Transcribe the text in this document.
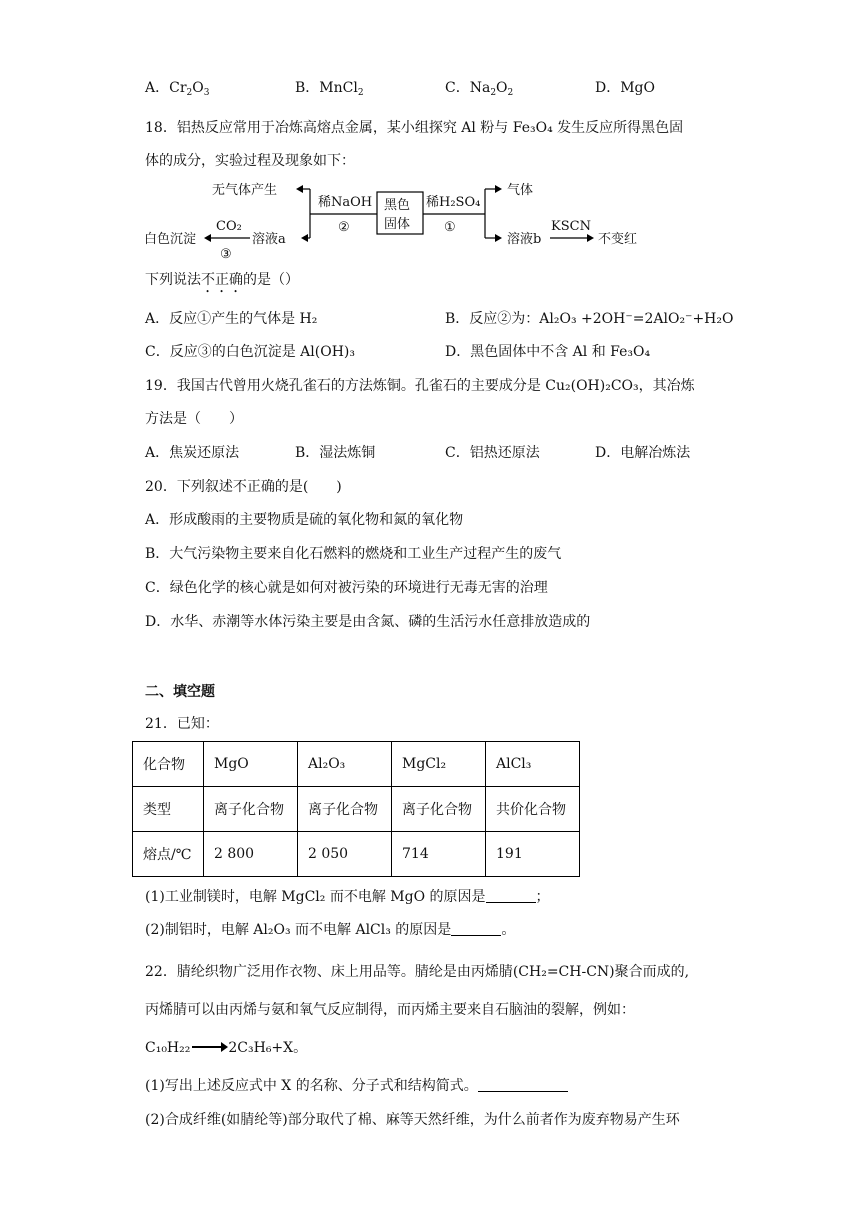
A．$Cr_2O_3$	B．MnCl$_2$	C．$Na_2O_2$	D．MgO
18．铝热反应常用于冶炼高熔点金属，某小组探究 Al 粉与 Fe₃O₄ 发生反应所得黑色固
体的成分，实验过程及现象如下：
无气体产生
稀NaOH
②
黑色
固体
稀H₂SO₄
①
气体
白色沉淀
CO₂
③
溶液a	溶液b
KSCN
不变红
下列说法不正确的是（）
A．反应①产生的气体是 H₂	B．反应②为：Al₂O₃ +2OH⁻=2AlO₂⁻+H₂O
C．反应③的白色沉淀是 Al(OH)₃	D．黑色固体中不含 Al 和 Fe₃O₄
19．我国古代曾用火烧孔雀石的方法炼铜。孔雀石的主要成分是 Cu₂(OH)₂CO₃，其冶炼
方法是（　　）
A．焦炭还原法	B．湿法炼铜	C．铝热还原法	D．电解冶炼法
20．下列叙述不正确的是(　　)
A．形成酸雨的主要物质是硫的氧化物和氮的氧化物
B．大气污染物主要来自化石燃料的燃烧和工业生产过程产生的废气
C．绿色化学的核心就是如何对被污染的环境进行无毒无害的治理
D．水华、赤潮等水体污染主要是由含氮、磷的生活污水任意排放造成的
二、填空题
21．已知：
化合物	MgO	Al₂O₃	MgCl₂	AlCl₃
类型	离子化合物	离子化合物	离子化合物	共价化合物
熔点/℃	2 800	2 050	714	191
(1)工业制镁时，电解 MgCl₂ 而不电解 MgO 的原因是	；
(2)制铝时，电解 Al₂O₃ 而不电解 AlCl₃ 的原因是	。
22．腈纶织物广泛用作衣物、床上用品等。腈纶是由丙烯腈(CH₂=CH-CN)聚合而成的,
丙烯腈可以由丙烯与氨和氧气反应制得，而丙烯主要来自石脑油的裂解，例如：
C₁₀H₂₂ → 2C₃H₆+X。
(1)写出上述反应式中 X 的名称、分子式和结构简式。
(2)合成纤维(如腈纶等)部分取代了棉、麻等天然纤维，为什么前者作为废弃物易产生环
